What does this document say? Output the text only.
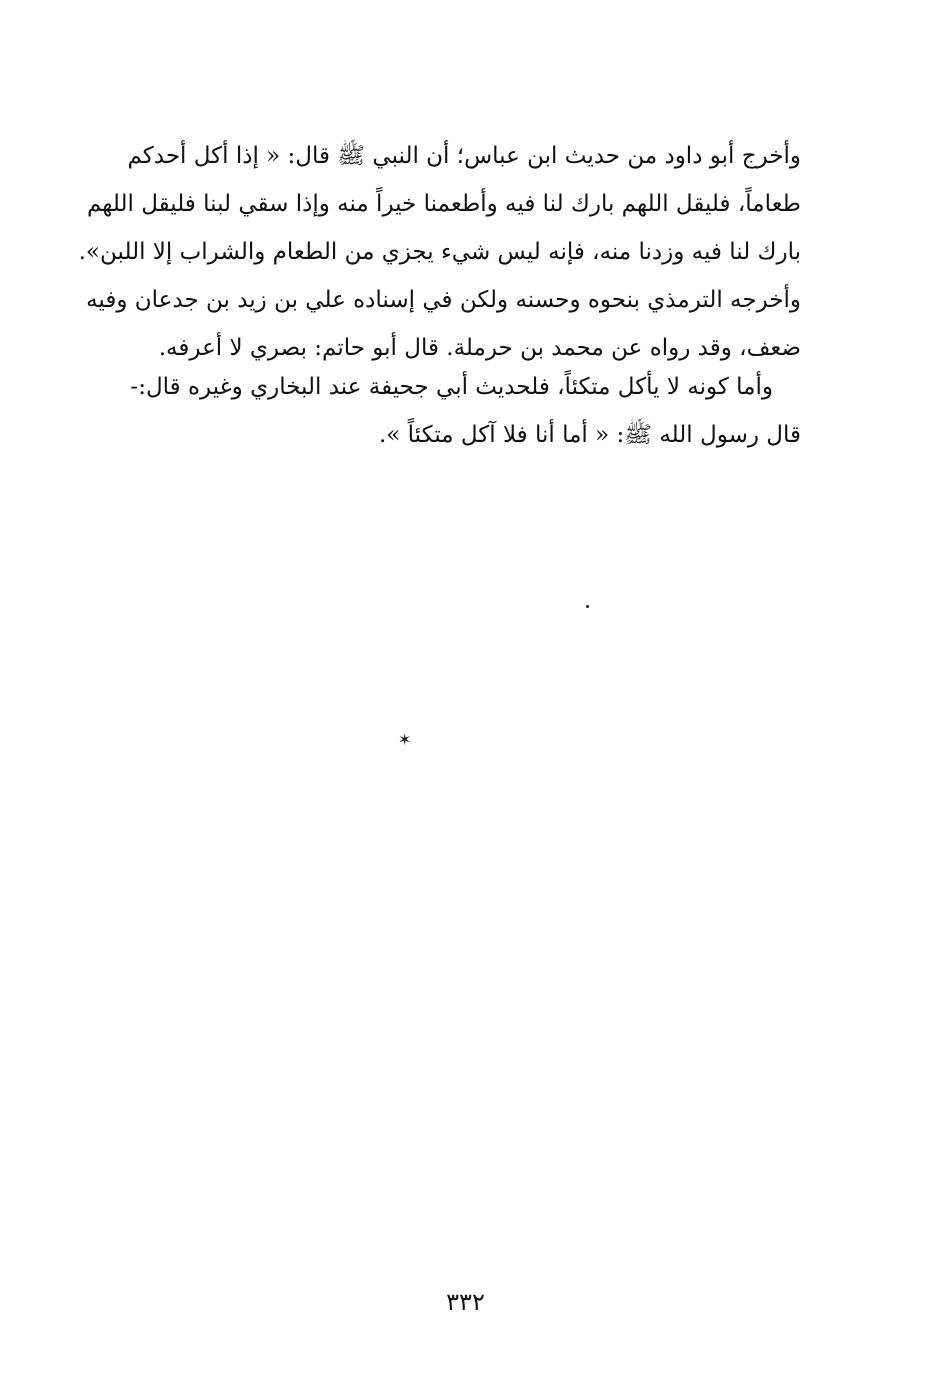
وأخرج أبو داود من حديث ابن عباس؛ أن النبي ﷺ قال: « إذا أكل أحدكم
طعاماً، فليقل اللهم بارك لنا فيه وأطعمنا خيراً منه وإذا سقي لبنا فليقل اللهم
بارك لنا فيه وزدنا منه، فإنه ليس شيء يجزي من الطعام والشراب إلا اللبن».
وأخرجه الترمذي بنحوه وحسنه ولكن في إسناده علي بن زيد بن جدعان وفيه
ضعف، وقد رواه عن محمد بن حرملة. قال أبو حاتم: بصري لا أعرفه.
وأما كونه لا يأكل متكئاً، فلحديث أبي جحيفة عند البخاري وغيره قال:-
قال رسول الله ﷺ: « أما أنا فلا آكل متكئاً ».
✶
٣٣٢
